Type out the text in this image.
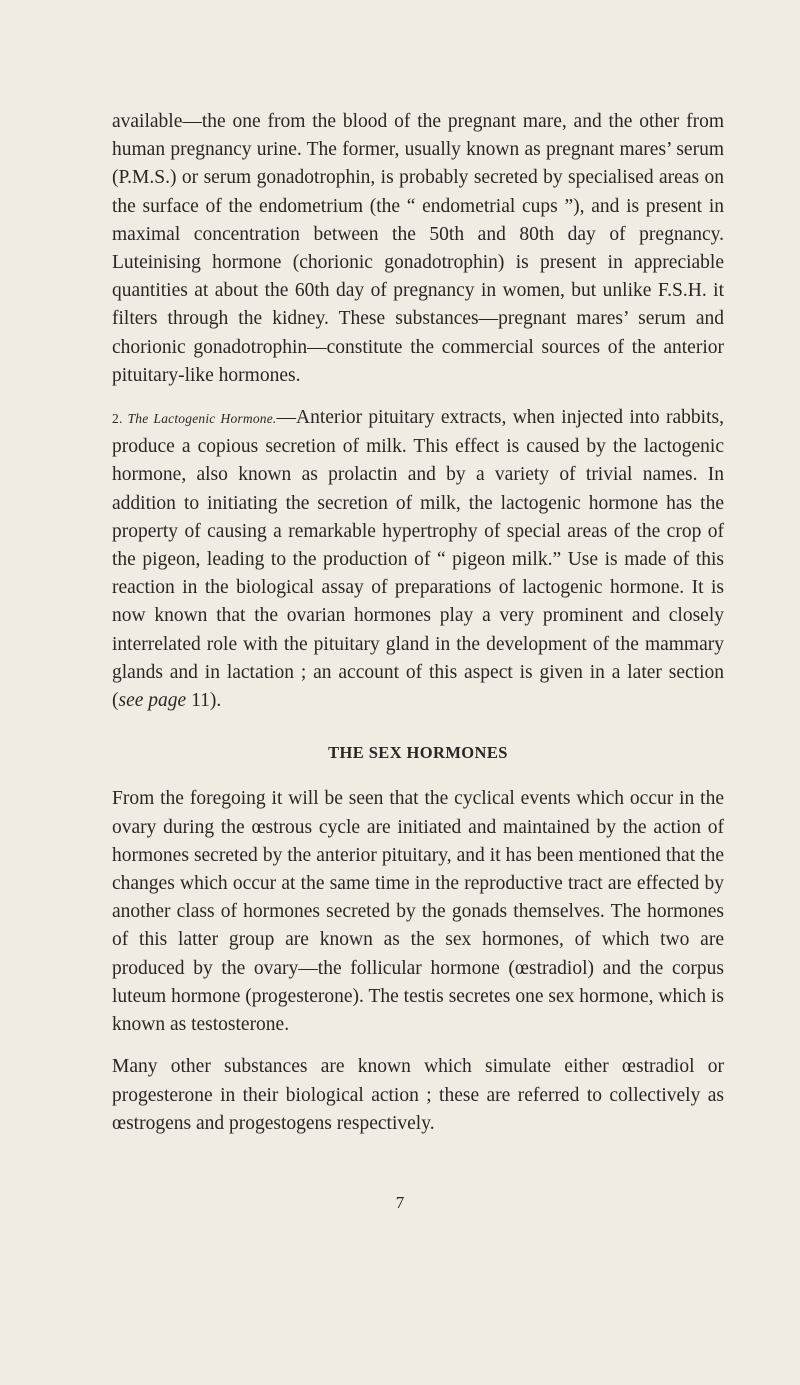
available—the one from the blood of the pregnant mare, and the other from human pregnancy urine. The former, usually known as pregnant mares’ serum (P.M.S.) or serum gonadotrophin, is probably secreted by specialised areas on the surface of the endometrium (the “ endometrial cups ”), and is present in maximal concentration between the 50th and 80th day of pregnancy. Luteinising hormone (chorionic gonadotrophin) is present in appreciable quantities at about the 60th day of pregnancy in women, but unlike F.S.H. it filters through the kidney. These substances—pregnant mares’ serum and chorionic gonadotrophin—constitute the commercial sources of the anterior pituitary-like hormones.

2. The Lactogenic Hormone.—Anterior pituitary extracts, when injected into rabbits, produce a copious secretion of milk. This effect is caused by the lactogenic hormone, also known as prolactin and by a variety of trivial names. In addition to initiating the secretion of milk, the lactogenic hormone has the property of causing a remarkable hypertrophy of special areas of the crop of the pigeon, leading to the production of “ pigeon milk.” Use is made of this reaction in the biological assay of preparations of lactogenic hormone. It is now known that the ovarian hormones play a very prominent and closely interrelated role with the pituitary gland in the development of the mammary glands and in lactation ; an account of this aspect is given in a later section (see page 11).

THE SEX HORMONES

From the foregoing it will be seen that the cyclical events which occur in the ovary during the œstrous cycle are initiated and maintained by the action of hormones secreted by the anterior pituitary, and it has been mentioned that the changes which occur at the same time in the reproductive tract are effected by another class of hormones secreted by the gonads themselves. The hormones of this latter group are known as the sex hormones, of which two are produced by the ovary—the follicular hormone (œstradiol) and the corpus luteum hormone (progesterone). The testis secretes one sex hormone, which is known as testosterone.

Many other substances are known which simulate either œstradiol or progesterone in their biological action ; these are referred to collectively as œstrogens and progestogens respectively.

7
